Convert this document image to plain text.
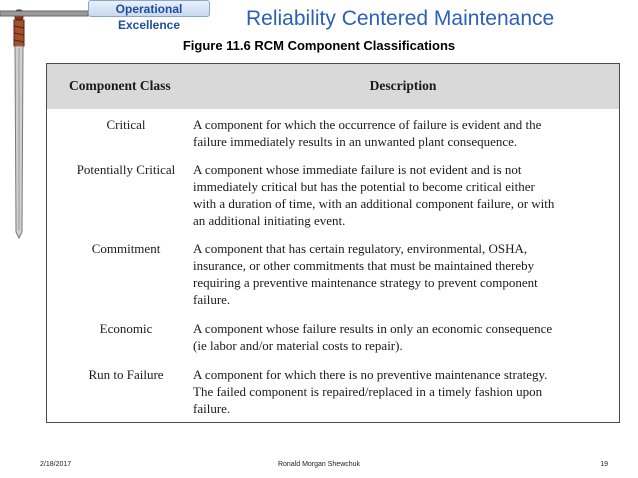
Operational Excellence	Reliability Centered Maintenance
Figure 11.6 RCM Component Classifications
Component Class	Description
Critical	A component for which the occurrence of failure is evident and the
failure immediately results in an unwanted plant consequence.
Potentially Critical	A component whose immediate failure is not evident and is not
immediately critical but has the potential to become critical either
with a duration of time, with an additional component failure, or with
an additional initiating event.
Commitment	A component that has certain regulatory, environmental, OSHA,
insurance, or other commitments that must be maintained thereby
requiring a preventive maintenance strategy to prevent component
failure.
Economic	A component whose failure results in only an economic consequence
(ie labor and/or material costs to repair).
Run to Failure	A component for which there is no preventive maintenance strategy.
The failed component is repaired/replaced in a timely fashion upon
failure.
2/18/2017	Ronald Morgan Shewchuk	19
